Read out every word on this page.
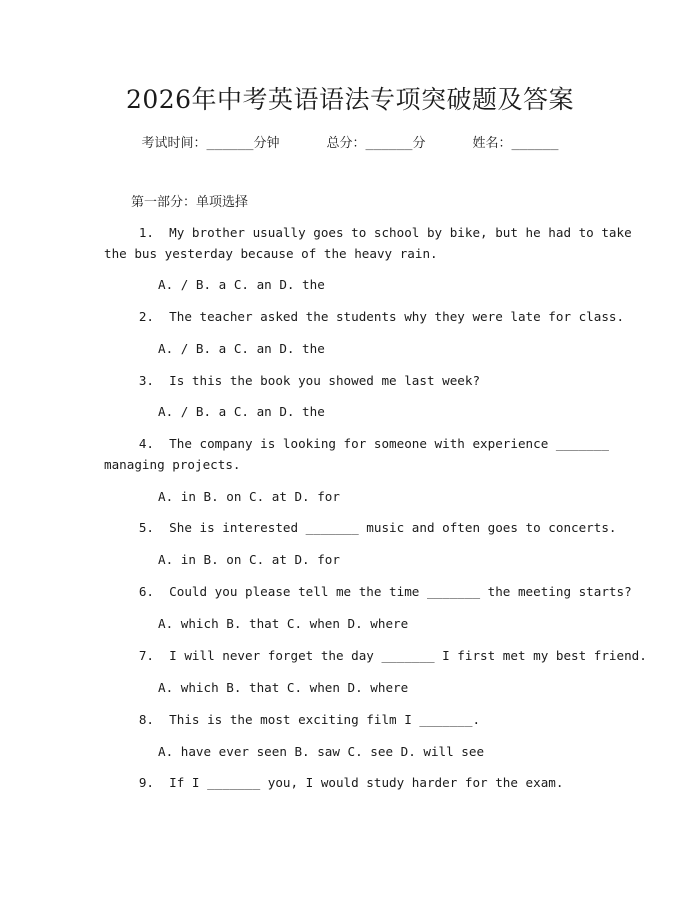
2026年中考英语语法专项突破题及答案
考试时间：______分钟	总分：______分	姓名：______
第一部分：单项选择
1. My brother usually goes to school by bike, but he had to take
the bus yesterday because of the heavy rain.
A. / B. a C. an D. the
2. The teacher asked the students why they were late for class.
A. / B. a C. an D. the
3. Is this the book you showed me last week?
A. / B. a C. an D. the
4. The company is looking for someone with experience _______
managing projects.
A. in B. on C. at D. for
5. She is interested _______ music and often goes to concerts.
A. in B. on C. at D. for
6. Could you please tell me the time _______ the meeting starts?
A. which B. that C. when D. where
7. I will never forget the day _______ I first met my best friend.
A. which B. that C. when D. where
8. This is the most exciting film I _______.
A. have ever seen B. saw C. see D. will see
9. If I _______ you, I would study harder for the exam.
